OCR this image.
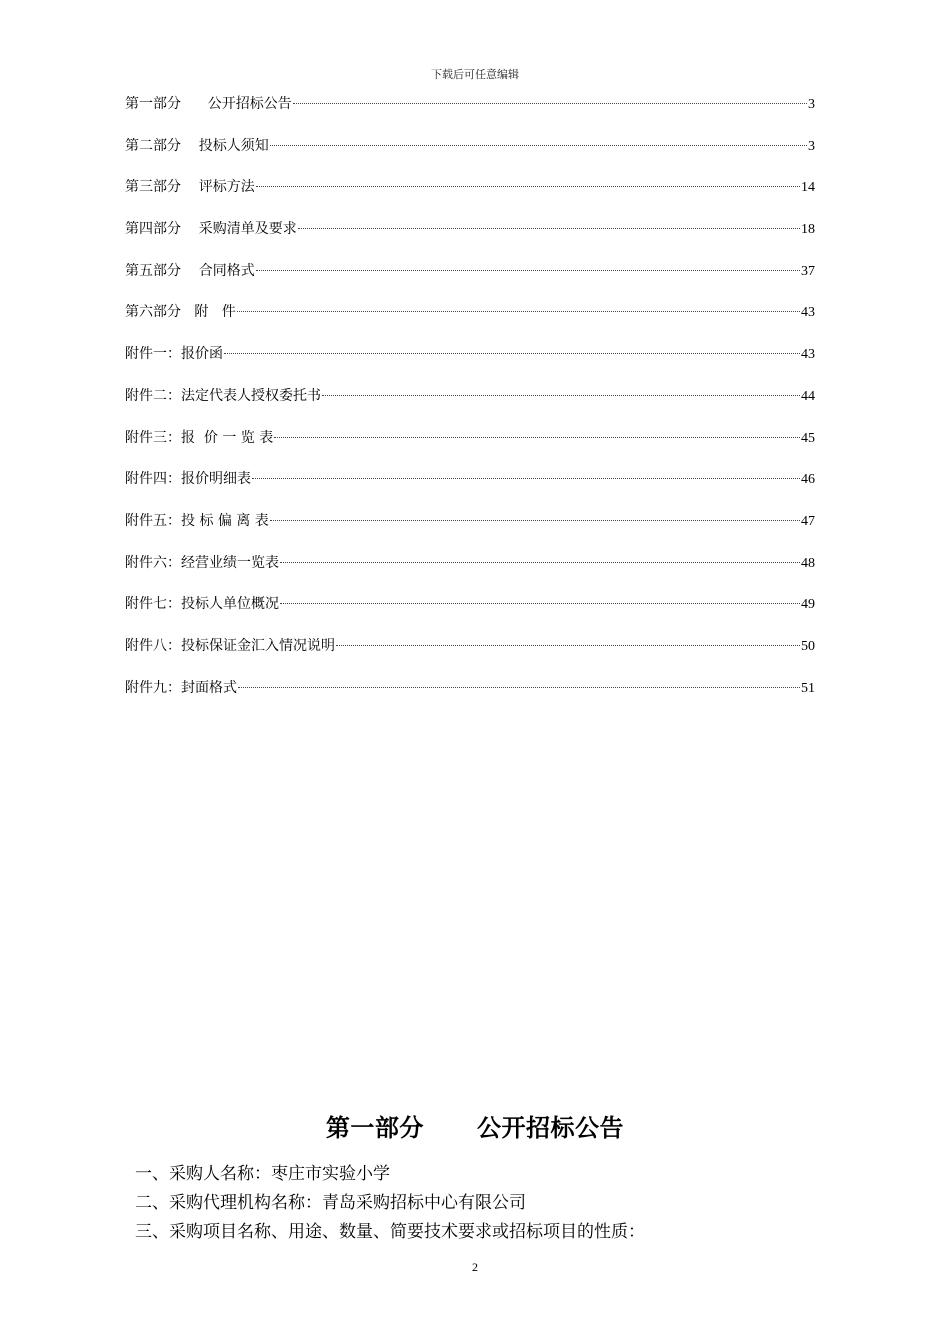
下载后可任意编辑
第一部分      公开招标公告	3
第二部分    投标人须知	3
第三部分    评标方法	14
第四部分    采购清单及要求	18
第五部分    合同格式	37
第六部分   附   件	43
附件一：报价函	43
附件二：法定代表人授权委托书	44
附件三：报  价 一 览 表	45
附件四：报价明细表	46
附件五：投 标 偏 离 表	47
附件六：经营业绩一览表	48
附件七：投标人单位概况	49
附件八：投标保证金汇入情况说明	50
附件九：封面格式	51
第一部分      公开招标公告
一、采购人名称：枣庄市实验小学
二、采购代理机构名称：青岛采购招标中心有限公司
三、采购项目名称、用途、数量、简要技术要求或招标项目的性质：
2
